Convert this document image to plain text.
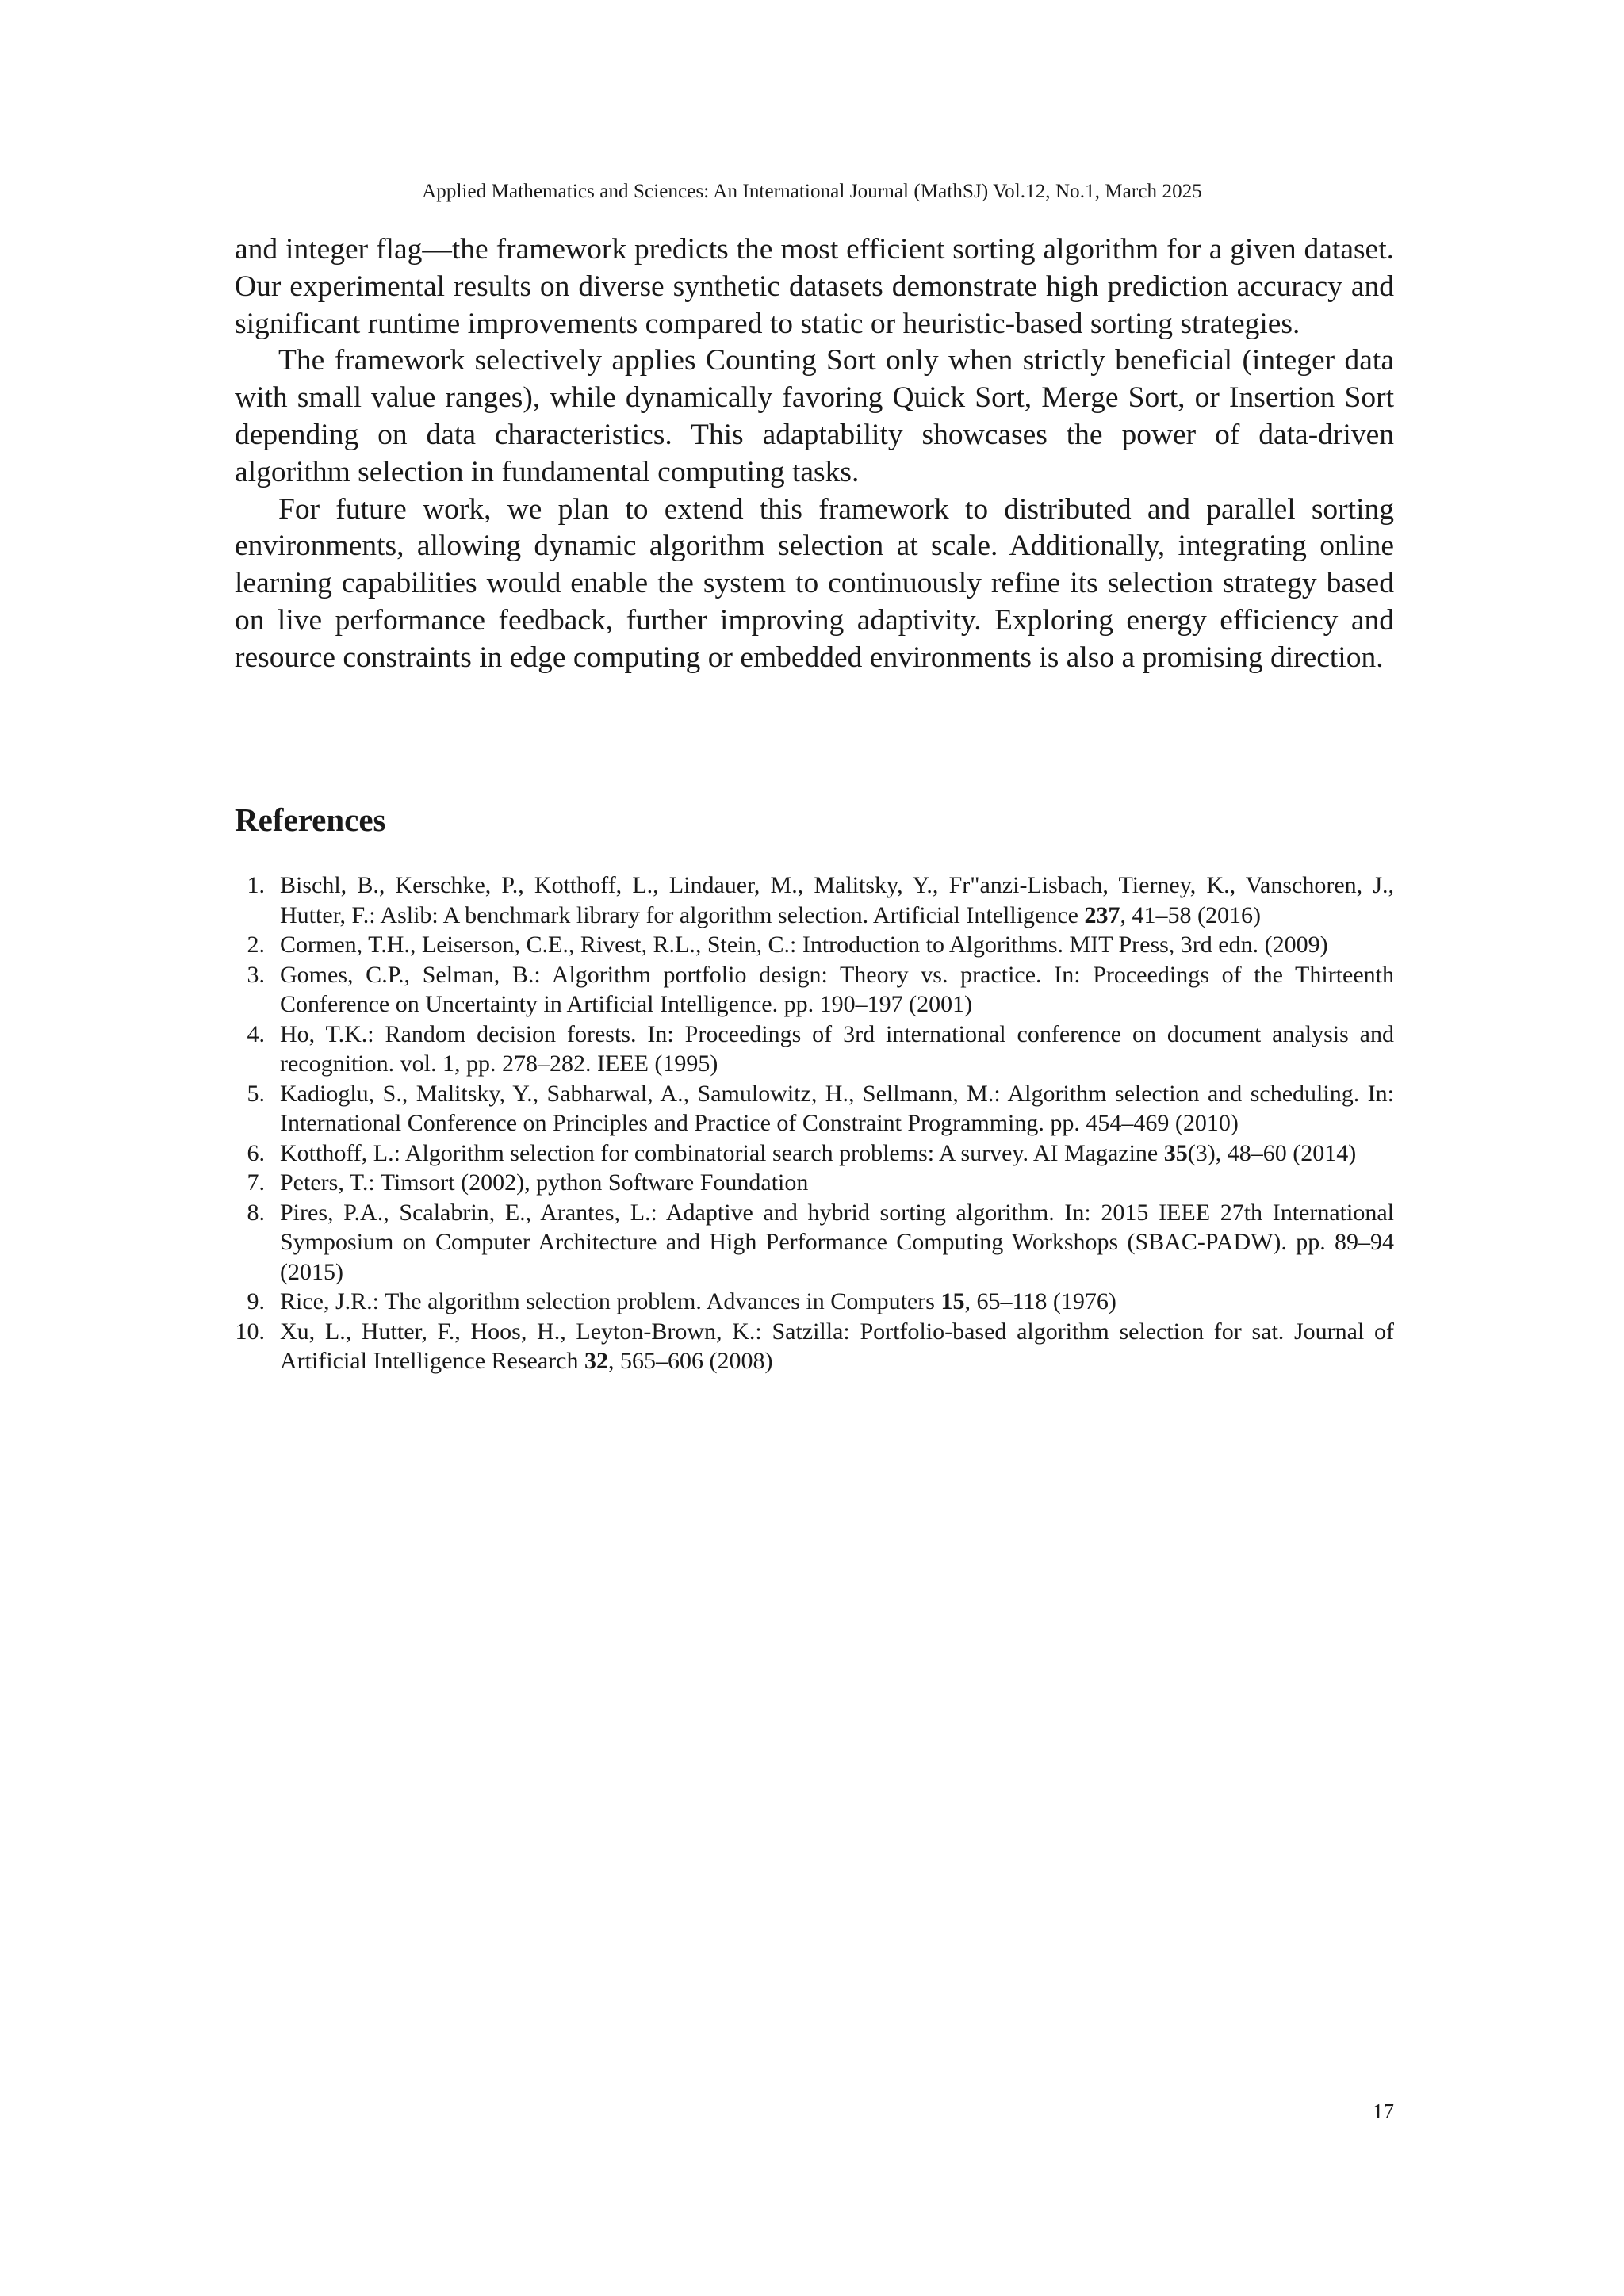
Applied Mathematics and Sciences: An International Journal (MathSJ) Vol.12, No.1, March 2025

and integer flag—the framework predicts the most efficient sorting algorithm for a given dataset. Our experimental results on diverse synthetic datasets demonstrate high prediction accuracy and significant runtime improvements compared to static or heuristic-based sorting strategies.

The framework selectively applies Counting Sort only when strictly beneficial (integer data with small value ranges), while dynamically favoring Quick Sort, Merge Sort, or Insertion Sort depending on data characteristics. This adaptability showcases the power of data-driven algorithm selection in fundamental computing tasks.

For future work, we plan to extend this framework to distributed and parallel sorting environments, allowing dynamic algorithm selection at scale. Additionally, integrating online learning capabilities would enable the system to continuously refine its selection strategy based on live performance feedback, further improving adaptivity. Exploring energy efficiency and resource constraints in edge computing or embedded environments is also a promising direction.

References
1. Bischl, B., Kerschke, P., Kotthoff, L., Lindauer, M., Malitsky, Y., Fr"anzi-Lisbach, Tierney, K., Vanschoren, J., Hutter, F.: Aslib: A benchmark library for algorithm selection. Artificial Intelligence 237, 41–58 (2016)
2. Cormen, T.H., Leiserson, C.E., Rivest, R.L., Stein, C.: Introduction to Algorithms. MIT Press, 3rd edn. (2009)
3. Gomes, C.P., Selman, B.: Algorithm portfolio design: Theory vs. practice. In: Proceedings of the Thirteenth Conference on Uncertainty in Artificial Intelligence. pp. 190–197 (2001)
4. Ho, T.K.: Random decision forests. In: Proceedings of 3rd international conference on document analysis and recognition. vol. 1, pp. 278–282. IEEE (1995)
5. Kadioglu, S., Malitsky, Y., Sabharwal, A., Samulowitz, H., Sellmann, M.: Algorithm selection and scheduling. In: International Conference on Principles and Practice of Constraint Programming. pp. 454–469 (2010)
6. Kotthoff, L.: Algorithm selection for combinatorial search problems: A survey. AI Magazine 35(3), 48–60 (2014)
7. Peters, T.: Timsort (2002), python Software Foundation
8. Pires, P.A., Scalabrin, E., Arantes, L.: Adaptive and hybrid sorting algorithm. In: 2015 IEEE 27th International Symposium on Computer Architecture and High Performance Computing Workshops (SBAC-PADW). pp. 89–94 (2015)
9. Rice, J.R.: The algorithm selection problem. Advances in Computers 15, 65–118 (1976)
10. Xu, L., Hutter, F., Hoos, H., Leyton-Brown, K.: Satzilla: Portfolio-based algorithm selection for sat. Journal of Artificial Intelligence Research 32, 565–606 (2008)
17
